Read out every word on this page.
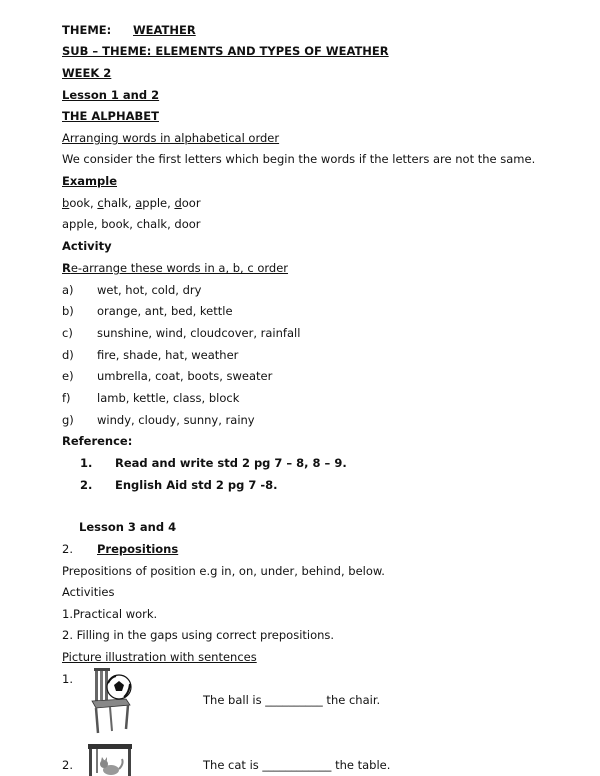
THEME: WEATHER
SUB – THEME: ELEMENTS AND TYPES OF WEATHER
WEEK 2
Lesson 1 and 2
THE ALPHABET
Arranging words in alphabetical order
We consider the first letters which begin the words if the letters are not the same.
Example
book, chalk, apple, door
apple, book, chalk, door
Activity
Re-arrange these words in a, b, c order
a) wet, hot, cold, dry
b) orange, ant, bed, kettle
c) sunshine, wind, cloudcover, rainfall
d) fire, shade, hat, weather
e) umbrella, coat, boots, sweater
f) lamb, kettle, class, block
g) windy, cloudy, sunny, rainy
Reference:
1. Read and write std 2 pg 7 – 8, 8 – 9.
2. English Aid std 2 pg 7 -8.
Lesson 3 and 4
2. Prepositions
Prepositions of position e.g in, on, under, behind, below.
Activities
1.Practical work.
2. Filling in the gaps using correct prepositions.
Picture illustration with sentences
1.
The ball is __________ the chair.
2.	The cat is ____________ the table.
